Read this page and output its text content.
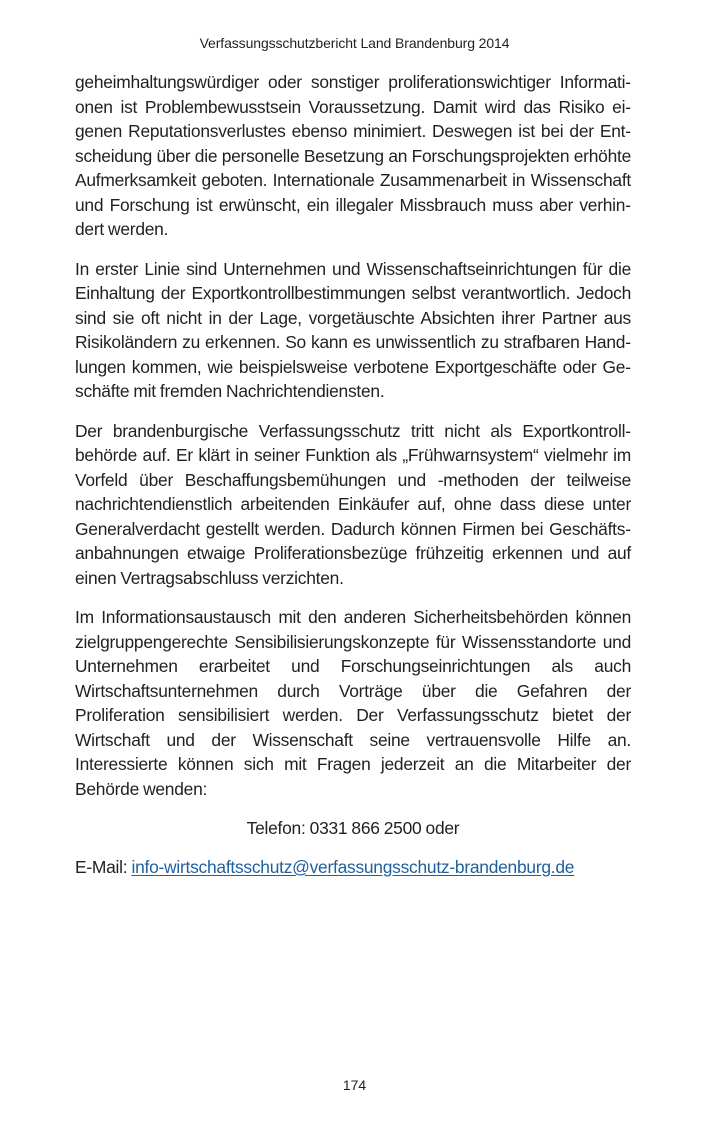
Verfassungsschutzbericht Land Brandenburg 2014

geheimhaltungswürdiger oder sonstiger proliferationswichtiger Informationen ist Problembewusstsein Voraussetzung. Damit wird das Risiko eigenen Reputationsverlustes ebenso minimiert. Deswegen ist bei der Entscheidung über die personelle Besetzung an Forschungsprojekten erhöhte Aufmerksamkeit geboten. Internationale Zusammenarbeit in Wissenschaft und Forschung ist erwünscht, ein illegaler Missbrauch muss aber verhindert werden.

In erster Linie sind Unternehmen und Wissenschaftseinrichtungen für die Einhaltung der Exportkontrollbestimmungen selbst verantwortlich. Jedoch sind sie oft nicht in der Lage, vorgetäuschte Absichten ihrer Partner aus Risikoländern zu erkennen. So kann es unwissentlich zu strafbaren Handlungen kommen, wie beispielsweise verbotene Exportgeschäfte oder Geschäfte mit fremden Nachrichtendiensten.

Der brandenburgische Verfassungsschutz tritt nicht als Exportkontrollbehörde auf. Er klärt in seiner Funktion als „Frühwarnsystem“ vielmehr im Vorfeld über Beschaffungsbemühungen und -methoden der teilweise nachrichtendienstlich arbeitenden Einkäufer auf, ohne dass diese unter Generalverdacht gestellt werden. Dadurch können Firmen bei Geschäftsanbahnungen etwaige Proliferationsbezüge frühzeitig erkennen und auf einen Vertragsabschluss verzichten.

Im Informationsaustausch mit den anderen Sicherheitsbehörden können zielgruppengerechte Sensibilisierungskonzepte für Wissensstandorte und Unternehmen erarbeitet und Forschungseinrichtungen als auch Wirtschaftsunternehmen durch Vorträge über die Gefahren der Proliferation sensibilisiert werden. Der Verfassungsschutz bietet der Wirtschaft und der Wissenschaft seine vertrauensvolle Hilfe an. Interessierte können sich mit Fragen jederzeit an die Mitarbeiter der Behörde wenden:

Telefon: 0331 866 2500 oder

E-Mail: info-wirtschaftsschutz@verfassungsschutz-brandenburg.de

174
